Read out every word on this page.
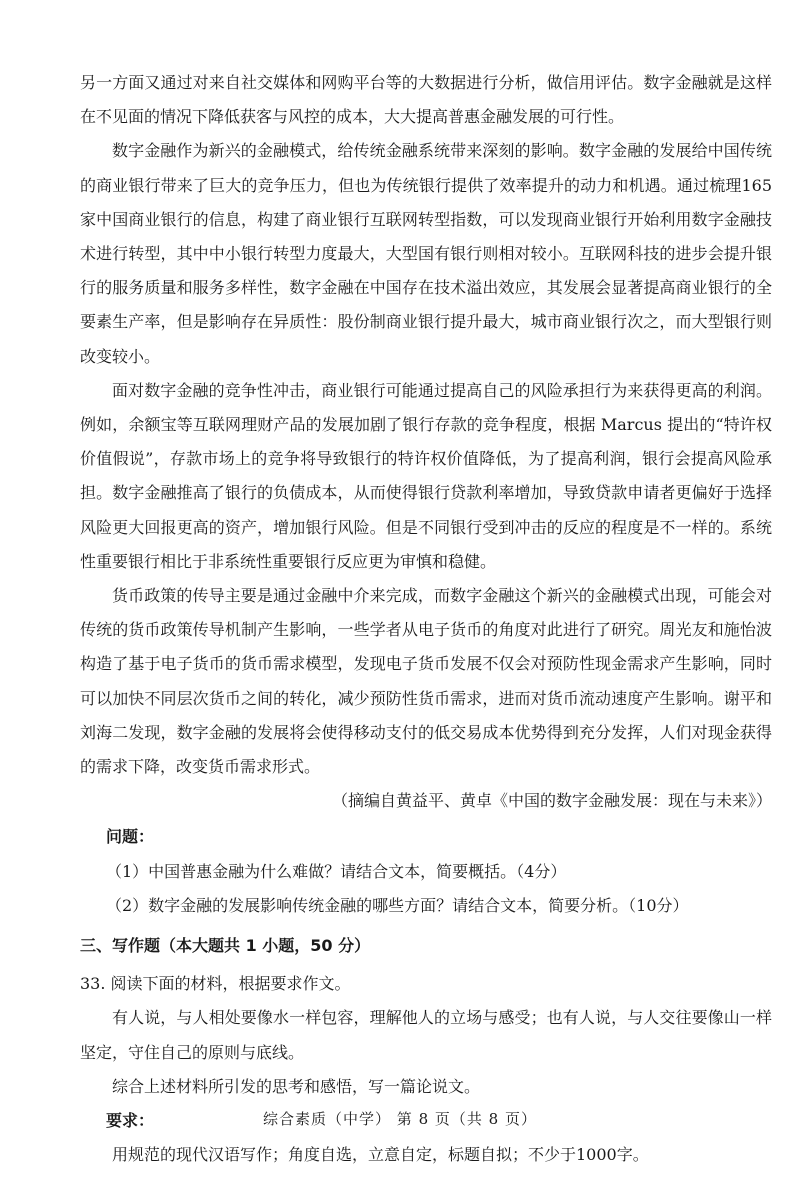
另一方面又通过对来自社交媒体和网购平台等的大数据进行分析，做信用评估。数字金融就是这样在不见面的情况下降低获客与风控的成本，大大提高普惠金融发展的可行性。

数字金融作为新兴的金融模式，给传统金融系统带来深刻的影响。数字金融的发展给中国传统的商业银行带来了巨大的竞争压力，但也为传统银行提供了效率提升的动力和机遇。通过梳理165家中国商业银行的信息，构建了商业银行互联网转型指数，可以发现商业银行开始利用数字金融技术进行转型，其中中小银行转型力度最大，大型国有银行则相对较小。互联网科技的进步会提升银行的服务质量和服务多样性，数字金融在中国存在技术溢出效应，其发展会显著提高商业银行的全要素生产率，但是影响存在异质性：股份制商业银行提升最大，城市商业银行次之，而大型银行则改变较小。

面对数字金融的竞争性冲击，商业银行可能通过提高自己的风险承担行为来获得更高的利润。例如，余额宝等互联网理财产品的发展加剧了银行存款的竞争程度，根据 Marcus 提出的“特许权价值假说”，存款市场上的竞争将导致银行的特许权价值降低，为了提高利润，银行会提高风险承担。数字金融推高了银行的负债成本，从而使得银行贷款利率增加，导致贷款申请者更偏好于选择风险更大回报更高的资产，增加银行风险。但是不同银行受到冲击的反应的程度是不一样的。系统性重要银行相比于非系统性重要银行反应更为审慎和稳健。

货币政策的传导主要是通过金融中介来完成，而数字金融这个新兴的金融模式出现，可能会对传统的货币政策传导机制产生影响，一些学者从电子货币的角度对此进行了研究。周光友和施怡波构造了基于电子货币的货币需求模型，发现电子货币发展不仅会对预防性现金需求产生影响，同时可以加快不同层次货币之间的转化，减少预防性货币需求，进而对货币流动速度产生影响。谢平和刘海二发现，数字金融的发展将会使得移动支付的低交易成本优势得到充分发挥，人们对现金获得的需求下降，改变货币需求形式。

（摘编自黄益平、黄卓《中国的数字金融发展：现在与未来》）

问题：

（1）中国普惠金融为什么难做？请结合文本，简要概括。（4分）

（2）数字金融的发展影响传统金融的哪些方面？请结合文本，简要分析。（10分）

三、写作题（本大题共 1 小题，50 分）

33. 阅读下面的材料，根据要求作文。

有人说，与人相处要像水一样包容，理解他人的立场与感受；也有人说，与人交往要像山一样坚定，守住自己的原则与底线。

综合上述材料所引发的思考和感悟，写一篇论说文。

要求：

用规范的现代汉语写作；角度自选，立意自定，标题自拟；不少于1000字。

综合素质（中学） 第 8 页（共 8 页）
